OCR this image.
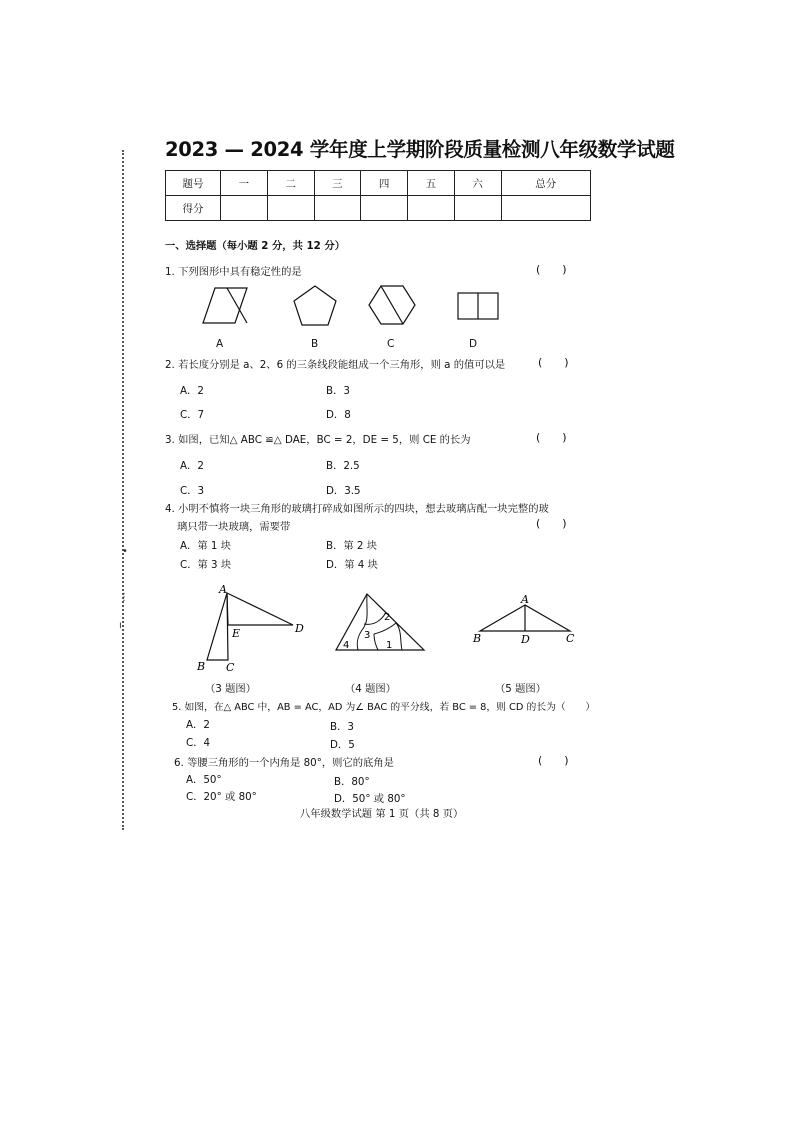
•
⋮
ı
2023 — 2024 学年度上学期阶段质量检测八年级数学试题
题号	一	二	三	四	五	六	总分
得分							
一、选择题（每小题 2 分，共 12 分）
1. 下列图形中具有稳定性的是	(　　)
A	B	C	D
2. 若长度分别是 a、2、6 的三条线段能组成一个三角形，则 a 的值可以是	(　　)
A．2	B．3
C．7	D．8
3. 如图，已知△ ABC ≌△ DAE，BC = 2，DE = 5，则 CE 的长为	(　　)
A．2	B．2.5
C．3	D．3.5
4. 小明不慎将一块三角形的玻璃打碎成如图所示的四块，想去玻璃店配一块完整的玻
璃只带一块玻璃，需要带	(　　)
A．第 1 块	B．第 2 块
C．第 3 块	D．第 4 块
A
E	D
B C
2
3
4	1
A
B	D	C
（3 题图）	（4 题图）	（5 题图）
5. 如图，在△ ABC 中，AB = AC，AD 为∠ BAC 的平分线，若 BC = 8，则 CD 的长为（　　）
A．2	B．3
C．4	D．5
6. 等腰三角形的一个内角是 80°，则它的底角是	(　　)
A．50°	B．80°
C．20° 或 80°	D．50° 或 80°
八年级数学试题 第 1 页（共 8 页）
